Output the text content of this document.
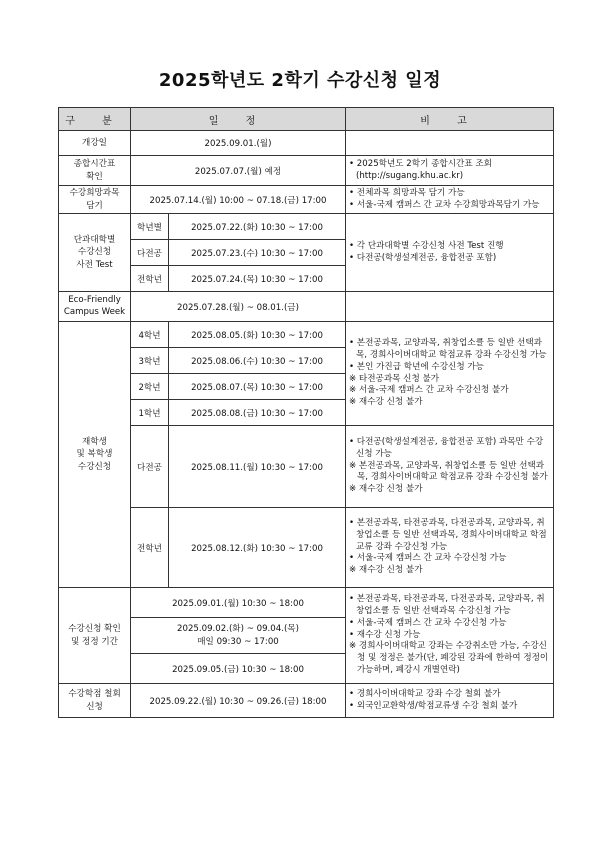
2025학년도 2학기 수강신청 일정
구 분	일 정		비 고
개강일	2025.09.01.(월)		
종합시간표
확인	2025.07.07.(월) 예정		• 2025학년도 2학기 종합시간표 조회
(http://sugang.khu.ac.kr)

수강희망과목
담기	2025.07.14.(월) 10:00 ~ 07.18.(금) 17:00		• 전체과목 희망과목 담기 가능
• 서울-국제 캠퍼스 간 교차 수강희망과목담기 가능

단과대학별
수강신청
사전 Test	학년별	2025.07.22.(화) 10:30 ~ 17:00	• 각 단과대학별 수강신청 사전 Test 진행
• 다전공(학생설계전공, 융합전공 포함)

	다전공	2025.07.23.(수) 10:30 ~ 17:00	
	전학년	2025.07.24.(목) 10:30 ~ 17:00	
Eco-Friendly
Campus Week	2025.07.28.(월) ~ 08.01.(금)		
재학생
및 복학생
수강신청	4학년	2025.08.05.(화) 10:30 ~ 17:00	• 본전공과목, 교양과목, 취창업소클 등 일반 선택과목, 경희사이버대학교 학점교류 강좌 수강신청 가능
• 본인 가진급 학년에 수강신청 가능
※ 타전공과목 신청 불가
※ 서울-국제 캠퍼스 간 교차 수강신청 불가
※ 재수강 신청 불가

	3학년	2025.08.06.(수) 10:30 ~ 17:00	
	2학년	2025.08.07.(목) 10:30 ~ 17:00	
	1학년	2025.08.08.(금) 10:30 ~ 17:00	
	다전공	2025.08.11.(월) 10:30 ~ 17:00	• 다전공(학생설계전공, 융합전공 포함) 과목만 수강신청 가능
※ 본전공과목, 교양과목, 취창업소클 등 일반 선택과목, 경희사이버대학교 학점교류 강좌 수강신청 불가
※ 재수강 신청 불가

	전학년	2025.08.12.(화) 10:30 ~ 17:00	• 본전공과목, 타전공과목, 다전공과목, 교양과목, 취창업소클 등 일반 선택과목, 경희사이버대학교 학점교류 강좌 수강신청 가능
• 서울-국제 캠퍼스 간 교차 수강신청 가능
※ 재수강 신청 불가

수강신청 확인
및 정정 기간	2025.09.01.(월) 10:30 ~ 18:00		• 본전공과목, 타전공과목, 다전공과목, 교양과목, 취창업소클 등 일반 선택과목 수강신청 가능
• 서울-국제 캠퍼스 간 교차 수강신청 가능
• 재수강 신청 가능
※ 경희사이버대학교 강좌는 수강취소만 가능, 수강신청 및 정정은 불가(단, 폐강된 강좌에 한하여 정정이 가능하며, 폐강시 개별연락)

	2025.09.02.(화) ~ 09.04.(목)
매일 09:30 ~ 17:00		
	2025.09.05.(금) 10:30 ~ 18:00		
수강학점 철회
신청	2025.09.22.(월) 10:30 ~ 09.26.(금) 18:00		• 경희사이버대학교 강좌 수강 철회 불가
• 외국인교환학생/학점교류생 수강 철회 불가
